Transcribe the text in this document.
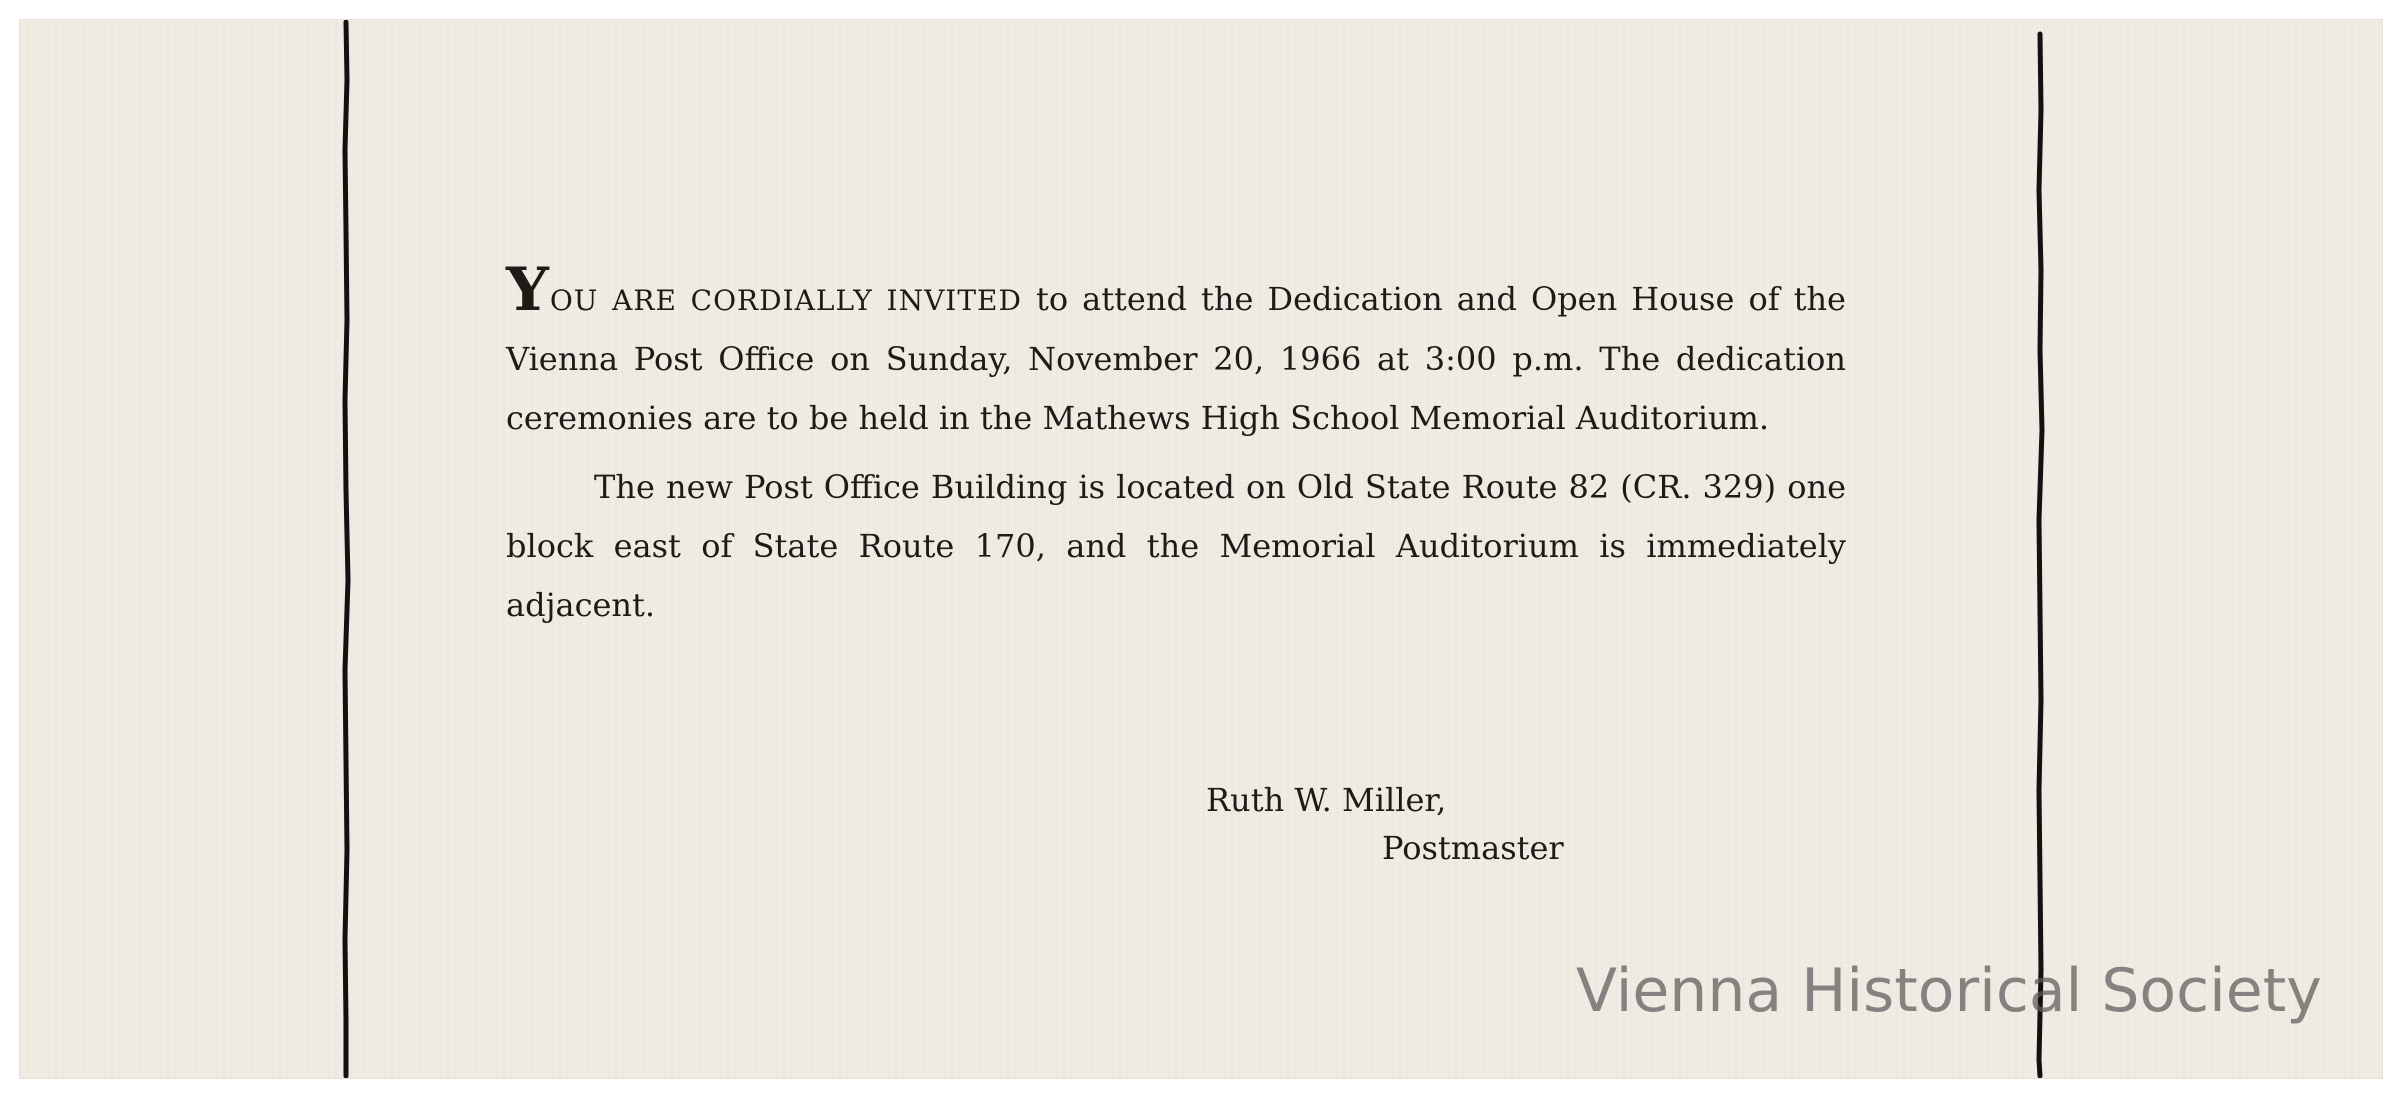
YOU ARE CORDIALLY INVITED to attend the Dedication and Open House of the Vienna Post Office on Sunday, November 20, 1966 at 3:00 p.m. The dedication ceremonies are to be held in the Mathews High School Memorial Auditorium.

The new Post Office Building is located on Old State Route 82 (CR. 329) one block east of State Route 170, and the Memorial Auditorium is immediately adjacent.

Ruth W. Miller,
Postmaster
Vienna Historical Society
